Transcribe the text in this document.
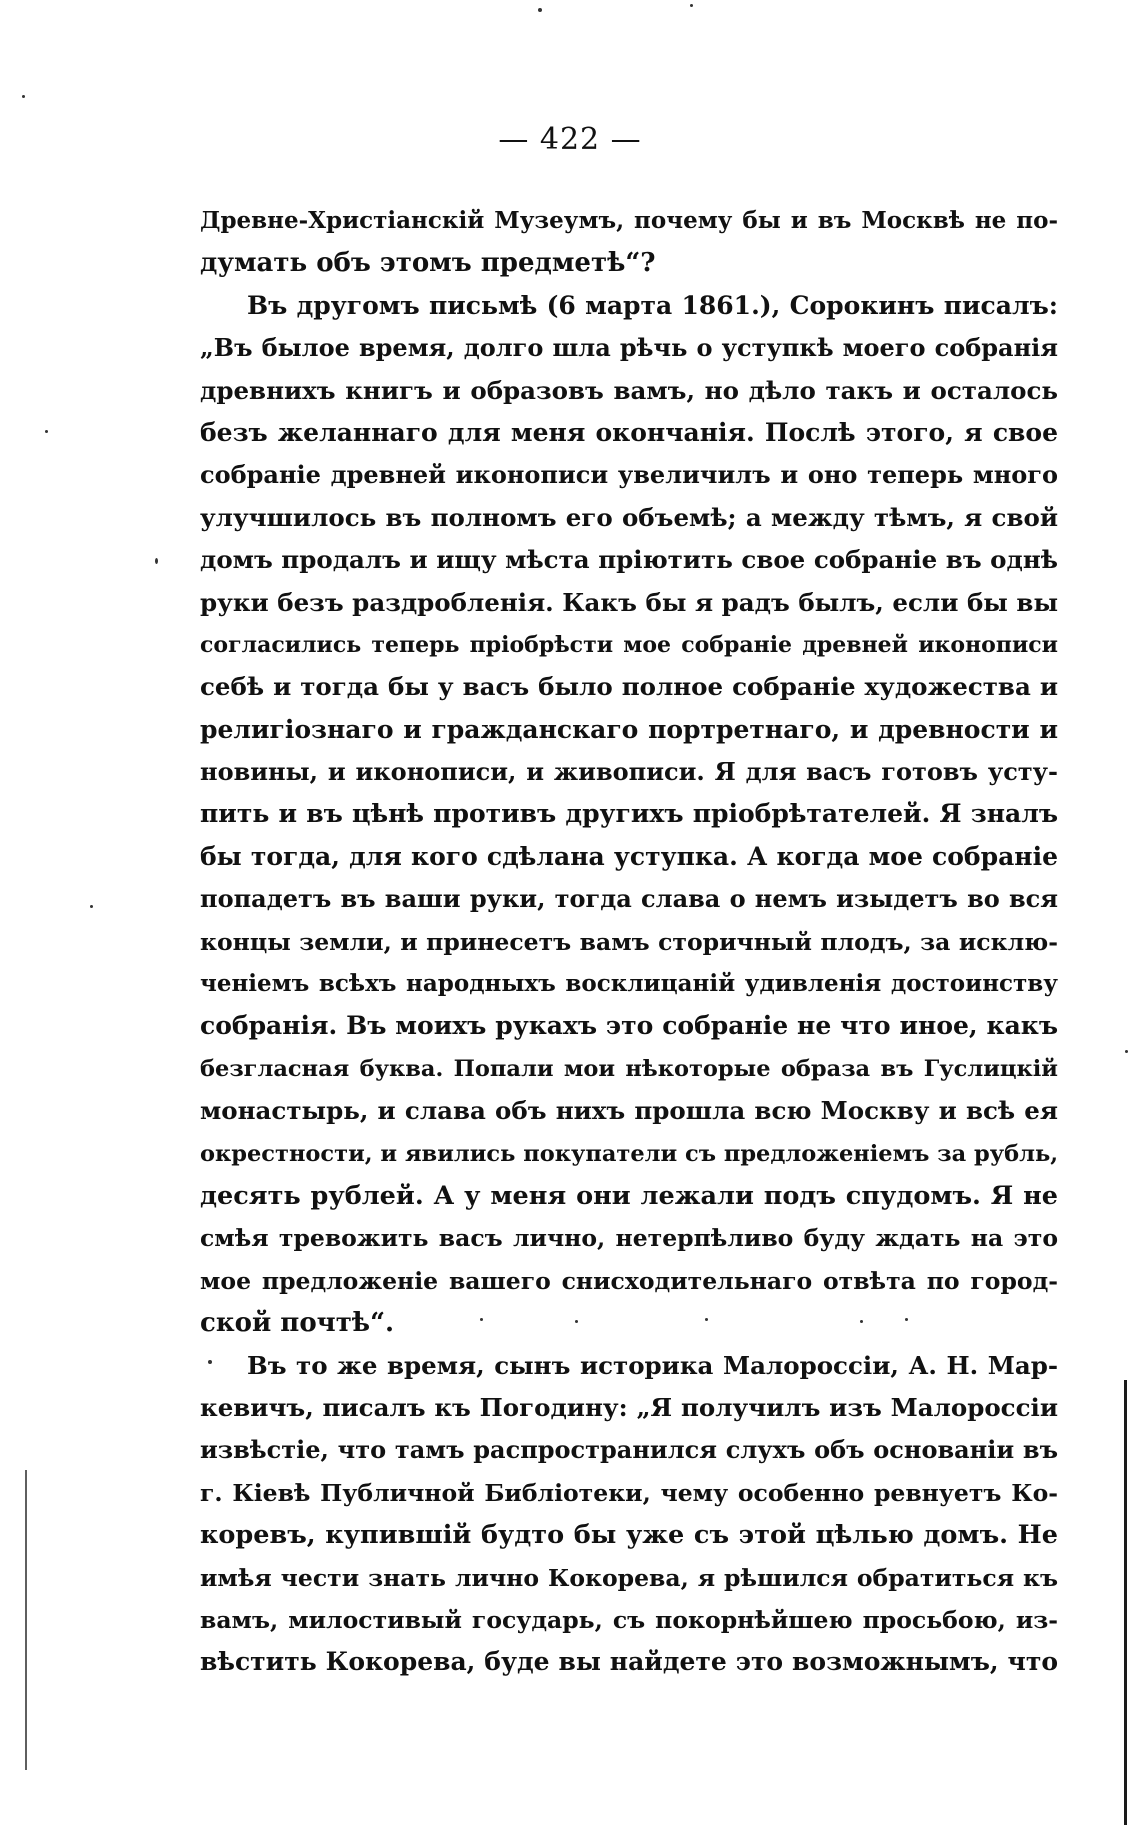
— 422 —
Древне-Христіанскій Музеумъ, почему бы и въ Москвѣ не по-
думать объ этомъ предметѣ“?
Въ другомъ письмѣ (6 марта 1861.), Сорокинъ писалъ:
„Въ былое время, долго шла рѣчь о уступкѣ моего собранія
древнихъ книгъ и образовъ вамъ, но дѣло такъ и осталось
безъ желаннаго для меня окончанія. Послѣ этого, я свое
собраніе древней иконописи увеличилъ и оно теперь много
улучшилось въ полномъ его объемѣ; а между тѣмъ, я свой
домъ продалъ и ищу мѣста пріютить свое собраніе въ однѣ
руки безъ раздробленія. Какъ бы я радъ былъ, если бы вы
согласились теперь пріобрѣсти мое собраніе древней иконописи
себѣ и тогда бы у васъ было полное собраніе художества и
религіознаго и гражданскаго портретнаго, и древности и
новины, и иконописи, и живописи. Я для васъ готовъ усту-
пить и въ цѣнѣ противъ другихъ пріобрѣтателей. Я зналъ
бы тогда, для кого сдѣлана уступка. А когда мое собраніе
попадетъ въ ваши руки, тогда слава о немъ изыдетъ во вся
концы земли, и принесетъ вамъ сторичный плодъ, за исклю-
ченіемъ всѣхъ народныхъ восклицаній удивленія достоинству
собранія. Въ моихъ рукахъ это собраніе не что иное, какъ
безгласная буква. Попали мои нѣкоторые образа въ Гуслицкій
монастырь, и слава объ нихъ прошла всю Москву и всѣ ея
окрестности, и явились покупатели съ предложеніемъ за рубль,
десять рублей. А у меня они лежали подъ спудомъ. Я не
смѣя тревожить васъ лично, нетерпѣливо буду ждать на это
мое предложеніе вашего снисходительнаго отвѣта по город-
ской почтѣ“.
Въ то же время, сынъ историка Малороссіи, А. Н. Мар-
кевичъ, писалъ къ Погодину: „Я получилъ изъ Малороссіи
извѣстіе, что тамъ распространился слухъ объ основаніи въ
г. Кіевѣ Публичной Библіотеки, чему особенно ревнуетъ Ко-
коревъ, купившій будто бы уже съ этой цѣлью домъ. Не
имѣя чести знать лично Кокорева, я рѣшился обратиться къ
вамъ, милостивый государь, съ покорнѣйшею просьбою, из-
вѣстить Кокорева, буде вы найдете это возможнымъ, что
